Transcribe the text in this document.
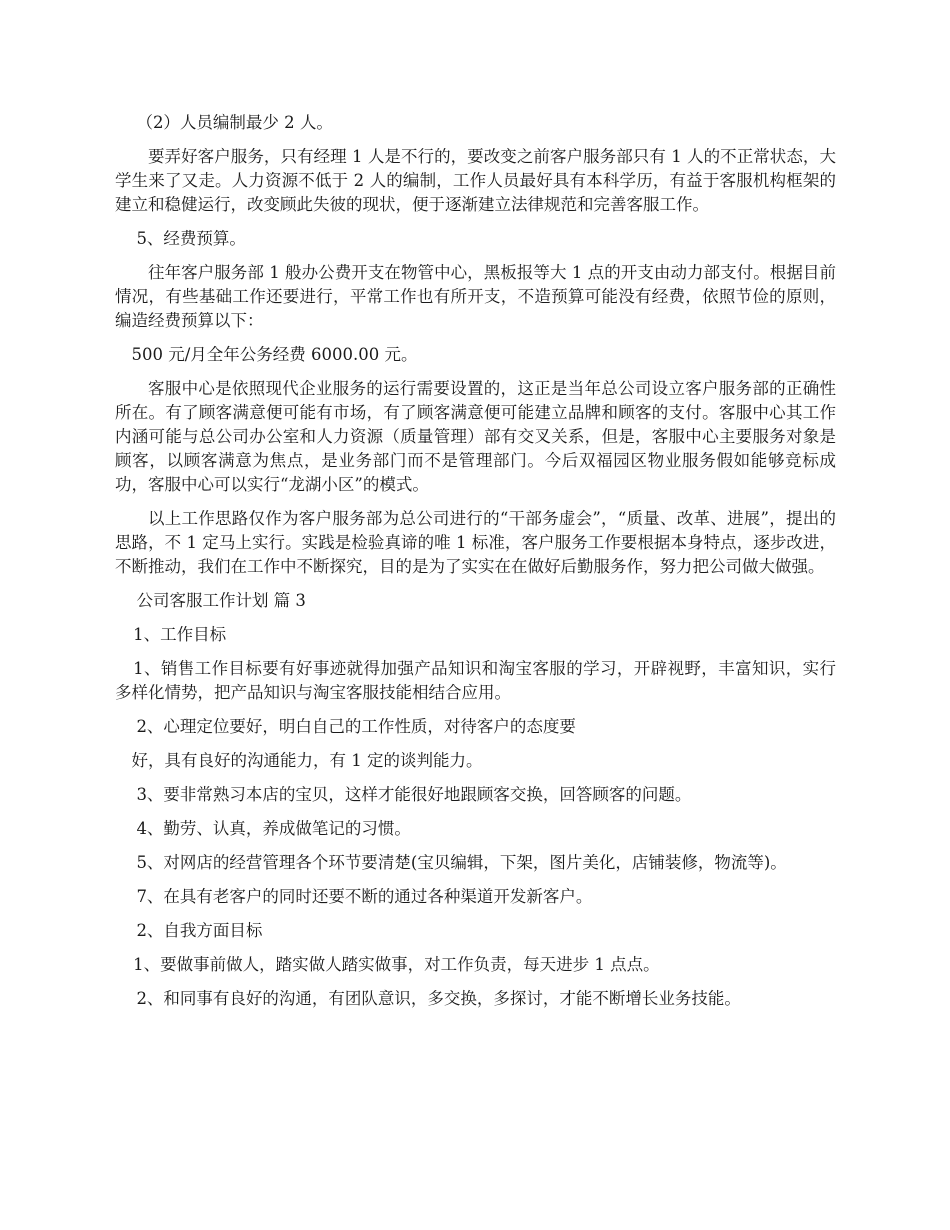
（2）人员编制最少 2 人。

要弄好客户服务，只有经理 1 人是不行的，要改变之前客户服务部只有 1 人的不正常状态，大学生来了又走。人力资源不低于 2 人的编制，工作人员最好具有本科学历，有益于客服机构框架的建立和稳健运行，改变顾此失彼的现状，便于逐渐建立法律规范和完善客服工作。

5、经费预算。

往年客户服务部 1 般办公费开支在物管中心，黑板报等大 1 点的开支由动力部支付。根据目前情况，有些基础工作还要进行，平常工作也有所开支，不造预算可能没有经费，依照节俭的原则，编造经费预算以下：

500 元/月全年公务经费 6000.00 元。

客服中心是依照现代企业服务的运行需要设置的，这正是当年总公司设立客户服务部的正确性所在。有了顾客满意便可能有市场，有了顾客满意便可能建立品牌和顾客的支付。客服中心其工作内涵可能与总公司办公室和人力资源（质量管理）部有交叉关系，但是，客服中心主要服务对象是顾客，以顾客满意为焦点，是业务部门而不是管理部门。今后双福园区物业服务假如能够竞标成功，客服中心可以实行“龙湖小区”的模式。

以上工作思路仅作为客户服务部为总公司进行的“干部务虚会”，“质量、改革、进展”，提出的思路，不 1 定马上实行。实践是检验真谛的唯 1 标准，客户服务工作要根据本身特点，逐步改进，不断推动，我们在工作中不断探究，目的是为了实实在在做好后勤服务作，努力把公司做大做强。

公司客服工作计划 篇 3

1、工作目标

1、销售工作目标要有好事迹就得加强产品知识和淘宝客服的学习，开辟视野，丰富知识，实行多样化情势，把产品知识与淘宝客服技能相结合应用。

2、心理定位要好，明白自己的工作性质，对待客户的态度要

好，具有良好的沟通能力，有 1 定的谈判能力。

3、要非常熟习本店的宝贝，这样才能很好地跟顾客交换，回答顾客的问题。

4、勤劳、认真，养成做笔记的习惯。

5、对网店的经营管理各个环节要清楚(宝贝编辑，下架，图片美化，店铺装修，物流等)。

7、在具有老客户的同时还要不断的通过各种渠道开发新客户。

2、自我方面目标

1、要做事前做人，踏实做人踏实做事，对工作负责，每天进步 1 点点。

2、和同事有良好的沟通，有团队意识，多交换，多探讨，才能不断增长业务技能。
